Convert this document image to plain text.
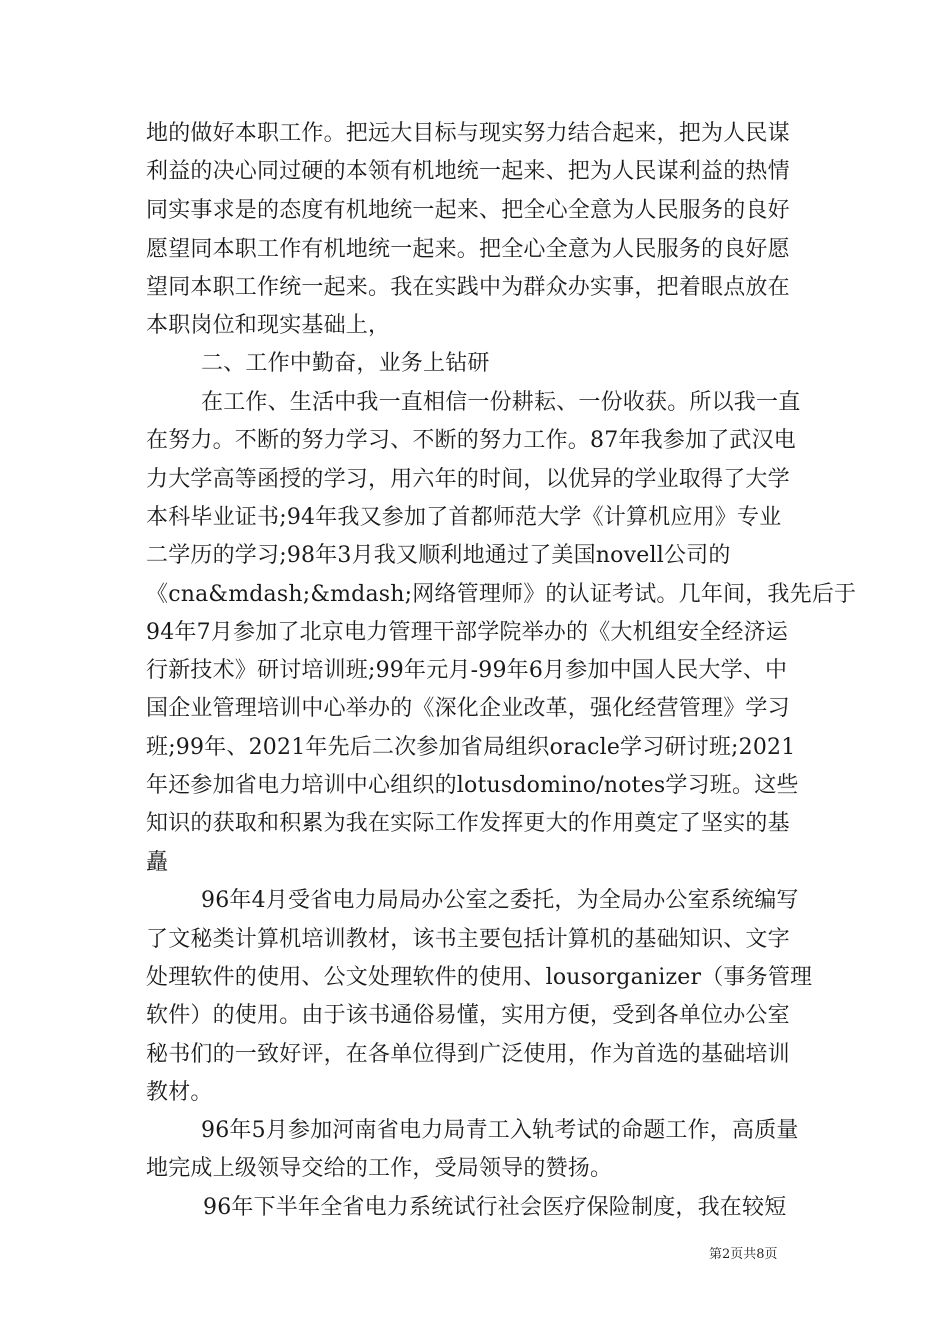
地的做好本职工作。把远大目标与现实努力结合起来，把为人民谋
利益的决心同过硬的本领有机地统一起来、把为人民谋利益的热情
同实事求是的态度有机地统一起来、把全心全意为人民服务的良好
愿望同本职工作有机地统一起来。把全心全意为人民服务的良好愿
望同本职工作统一起来。我在实践中为群众办实事，把着眼点放在
本职岗位和现实基础上，
二、工作中勤奋，业务上钻研
在工作、生活中我一直相信一份耕耘、一份收获。所以我一直
在努力。不断的努力学习、不断的努力工作。87年我参加了武汉电
力大学高等函授的学习，用六年的时间，以优异的学业取得了大学
本科毕业证书;94年我又参加了首都师范大学《计算机应用》专业
二学历的学习;98年3月我又顺利地通过了美国novell公司的
《cna&mdash;&mdash;网络管理师》的认证考试。几年间，我先后于
94年7月参加了北京电力管理干部学院举办的《大机组安全经济运
行新技术》研讨培训班;99年元月-99年6月参加中国人民大学、中
国企业管理培训中心举办的《深化企业改革，强化经营管理》学习
班;99年、2021年先后二次参加省局组织oracle学习研讨班;2021
年还参加省电力培训中心组织的lotusdomino/notes学习班。这些
知识的获取和积累为我在实际工作发挥更大的作用奠定了坚实的基
矗
96年4月受省电力局局办公室之委托，为全局办公室系统编写
了文秘类计算机培训教材，该书主要包括计算机的基础知识、文字
处理软件的使用、公文处理软件的使用、lousorganizer（事务管理
软件）的使用。由于该书通俗易懂，实用方便，受到各单位办公室
秘书们的一致好评，在各单位得到广泛使用，作为首选的基础培训
教材。
96年5月参加河南省电力局青工入轨考试的命题工作，高质量
地完成上级领导交给的工作，受局领导的赞扬。
96年下半年全省电力系统试行社会医疗保险制度，我在较短
第2页共8页
